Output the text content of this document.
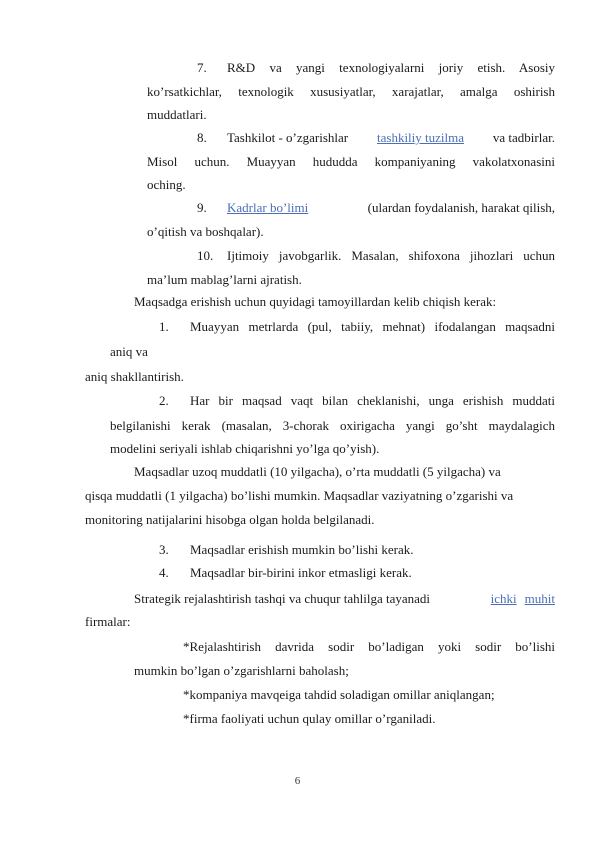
7. R&D va yangi texnologiyalarni joriy etish. Asosiy
ko’rsatkichlar, texnologik xususiyatlar, xarajatlar, amalga oshirish
muddatlari.
8. Tashkilot - o’zgarishlar tashkiliy tuzilma va tadbirlar.
Misol uchun. Muayyan hududda kompaniyaning vakolatxonasini
oching.
9. Kadrlar bo’limi	(ulardan foydalanish, harakat qilish,
o’qitish va boshqalar).
10. Ijtimoiy javobgarlik. Masalan, shifoxona jihozlari uchun
ma’lum mablag’larni ajratish.
Maqsadga erishish uchun quyidagi tamoyillardan kelib chiqish kerak:
1. Muayyan metrlarda (pul, tabiiy, mehnat) ifodalangan maqsadni
aniq va
aniq shakllantirish.
2. Har bir maqsad vaqt bilan cheklanishi, unga erishish muddati
belgilanishi kerak (masalan, 3-chorak oxirigacha yangi go’sht maydalagich
modelini seriyali ishlab chiqarishni yo’lga qo’yish).
Maqsadlar uzoq muddatli (10 yilgacha), o’rta muddatli (5 yilgacha) va
qisqa muddatli (1 yilgacha) bo’lishi mumkin. Maqsadlar vaziyatning o’zgarishi va
monitoring natijalarini hisobga olgan holda belgilanadi.
3. Maqsadlar erishish mumkin bo’lishi kerak.
4. Maqsadlar bir-birini inkor etmasligi kerak.
Strategik rejalashtirish tashqi va chuqur tahlilga tayanadi	ichki muhit
firmalar:
*Rejalashtirish davrida sodir bo’ladigan yoki sodir bo’lishi
mumkin bo’lgan o’zgarishlarni baholash;
*kompaniya mavqeiga tahdid soladigan omillar aniqlangan;
*firma faoliyati uchun qulay omillar o’rganiladi.
6
